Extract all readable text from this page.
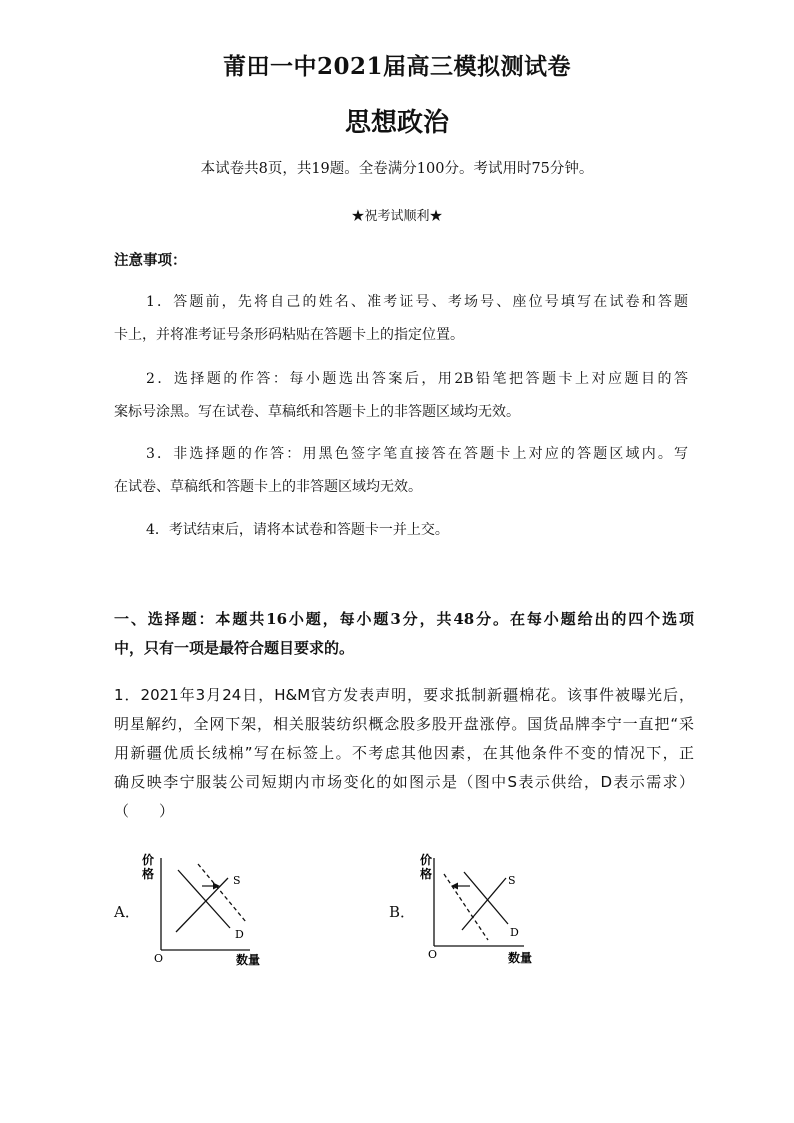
莆田一中2021届高三模拟测试卷
思想政治
本试卷共8页，共19题。全卷满分100分。考试用时75分钟。
★祝考试顺利★
注意事项：
1．答题前，先将自己的姓名、准考证号、考场号、座位号填写在试卷和答题
卡上，并将准考证号条形码粘贴在答题卡上的指定位置。
2．选择题的作答：每小题选出答案后，用2B铅笔把答题卡上对应题目的答
案标号涂黑。写在试卷、草稿纸和答题卡上的非答题区域均无效。
3．非选择题的作答：用黑色签字笔直接答在答题卡上对应的答题区域内。写
在试卷、草稿纸和答题卡上的非答题区域均无效。
4．考试结束后，请将本试卷和答题卡一并上交。
一、选择题：本题共16小题，每小题3分，共48分。在每小题给出的四个选项
中，只有一项是最符合题目要求的。
1．2021年3月24日，H&M官方发表声明，要求抵制新疆棉花。该事件被曝光后，
明星解约，全网下架，相关服装纺织概念股多股开盘涨停。国货品牌李宁一直把“采
用新疆优质长绒棉”写在标签上。不考虑其他因素，在其他条件不变的情况下，正
确反映李宁服装公司短期内市场变化的如图示是（图中S表示供给，D表示需求）
（　　）
A．
价
格
O	数量
S
D
B．
价
格
O	数量
S
D
